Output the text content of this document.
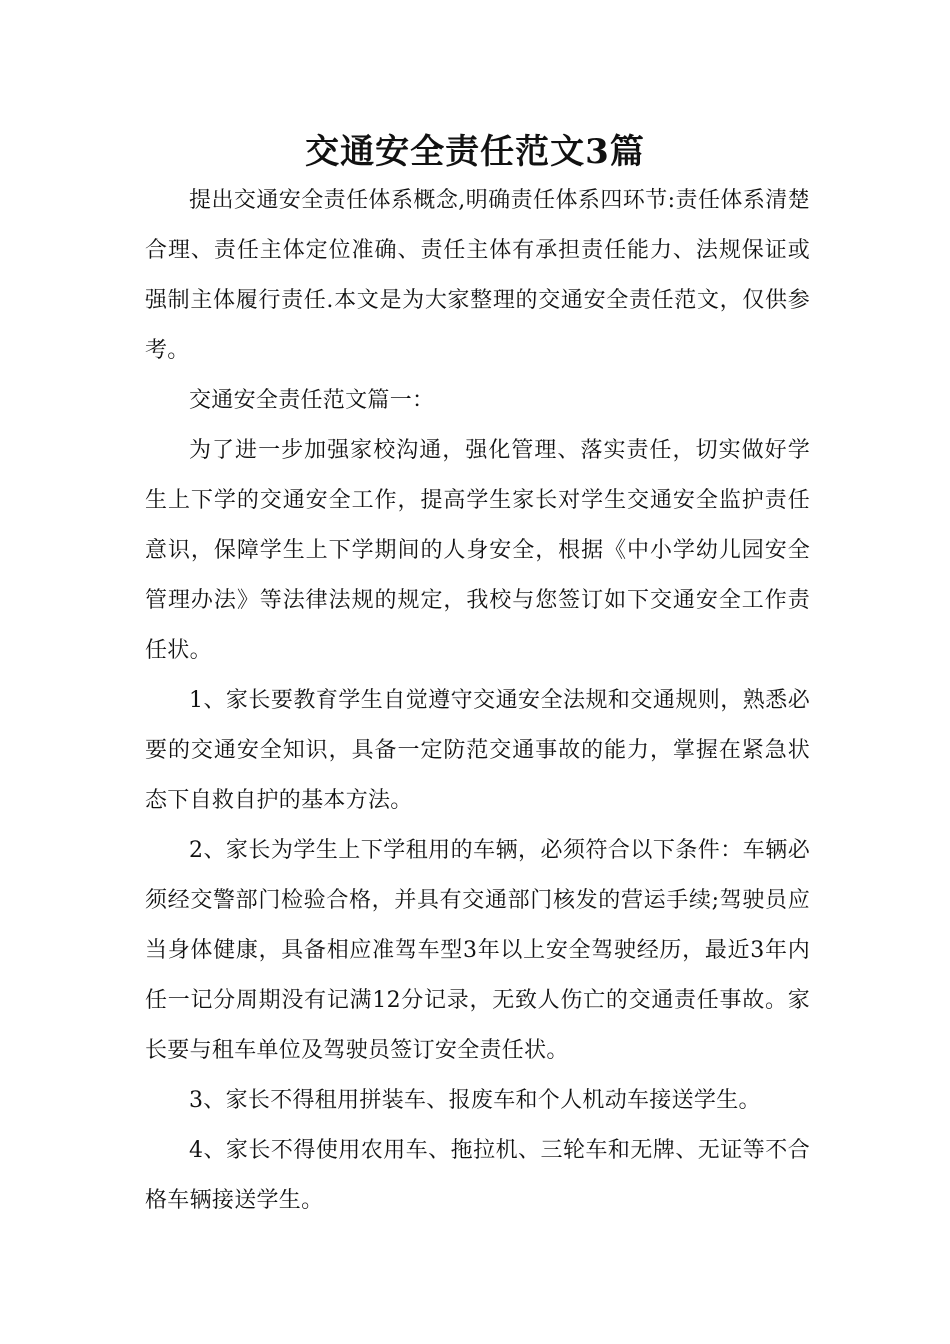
交通安全责任范文3篇

提出交通安全责任体系概念,明确责任体系四环节:责任体系清楚合理、责任主体定位准确、责任主体有承担责任能力、法规保证或强制主体履行责任.本文是为大家整理的交通安全责任范文，仅供参考。

交通安全责任范文篇一：

为了进一步加强家校沟通，强化管理、落实责任，切实做好学生上下学的交通安全工作，提高学生家长对学生交通安全监护责任意识，保障学生上下学期间的人身安全，根据《中小学幼儿园安全管理办法》等法律法规的规定，我校与您签订如下交通安全工作责任状。

1、家长要教育学生自觉遵守交通安全法规和交通规则，熟悉必要的交通安全知识，具备一定防范交通事故的能力，掌握在紧急状态下自救自护的基本方法。

2、家长为学生上下学租用的车辆，必须符合以下条件：车辆必须经交警部门检验合格，并具有交通部门核发的营运手续;驾驶员应当身体健康，具备相应准驾车型3年以上安全驾驶经历，最近3年内任一记分周期没有记满12分记录，无致人伤亡的交通责任事故。家长要与租车单位及驾驶员签订安全责任状。

3、家长不得租用拼装车、报废车和个人机动车接送学生。

4、家长不得使用农用车、拖拉机、三轮车和无牌、无证等不合格车辆接送学生。
